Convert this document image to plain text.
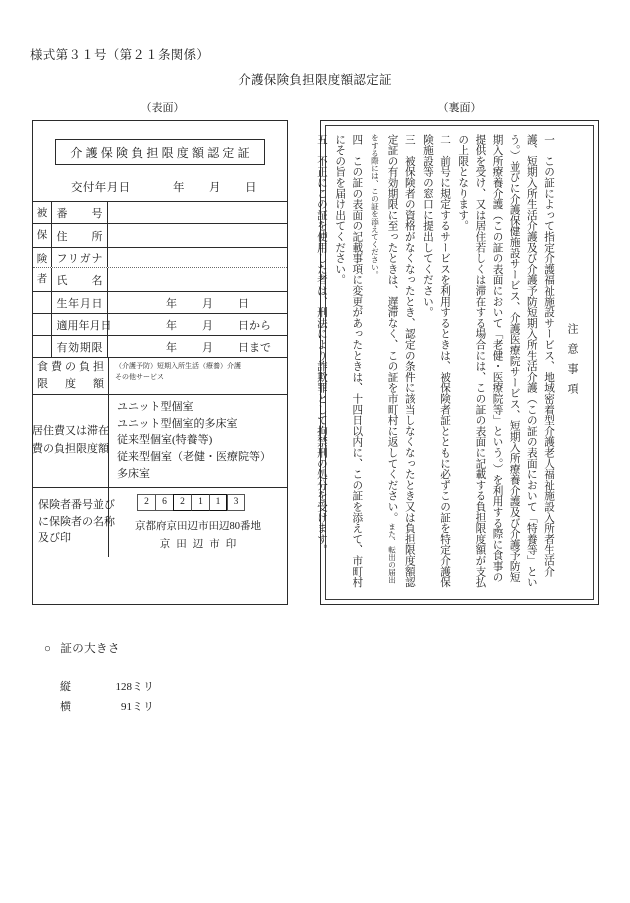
様式第３１号（第２１条関係）
介護保険負担限度額認定証
（表面）	（裏面）
介護保険負担限度額認定証
交付年月日	年 月 日
被 番　　号
保 住　　所
険 フリガナ
者 氏　　名
生年月日	年 月 日
適用年月日	年 月 日から
有効期限	年 月 日まで
食費の負担
限度額
（介護予防）短期入所生活（療養）介護
その他サービス
居住費又は滞在
費の負担限度額
ユニット型個室
ユニット型個室的多床室
従来型個室(特養等)
従来型個室（老健・医療院等）
多床室
保険者番号並び
に保険者の名称
及び印
2	6	2	1	1	3
京都府京田辺市田辺80番地
京田辺市印
注意事項
一　この証によって指定介護福祉施設サービス、地域密着型介護老人福祉施設入所者生活介護、短期入所生活介護及び介護予防短期入所生活介護（この証の表面において「特養等」という。）並びに介護保健施設サービス、介護医療院サービス、短期入所療養介護及び介護予防短期入所療養介護（この証の表面において「老健・医療院等」という。）を利用する際に食事の提供を受け、又は居住若しくは滞在する場合には、この証の表面に記載する負担限度額が支払の上限となります。
二　前号に規定するサービスを利用するときは、被保険者証とともに必ずこの証を特定介護保険施設等の窓口に提出してください。
三　被保険者の資格がなくなったとき、認定の条件に該当しなくなったとき又は負担限度額認定証の有効期限に至ったときは、遅滞なく、この証を市町村に返してください。また、転出の届出をする際には、この証を添えてください。
四　この証の表面の記載事項に変更があったときは、十四日以内に、この証を添えて、市町村にその旨を届け出てください。
五　不正にこの証を使用した者は、刑法により詐欺罪として拘禁刑の処分を受けます。
○ 証の大きさ
縦	128ミリ
横	91ミリ
